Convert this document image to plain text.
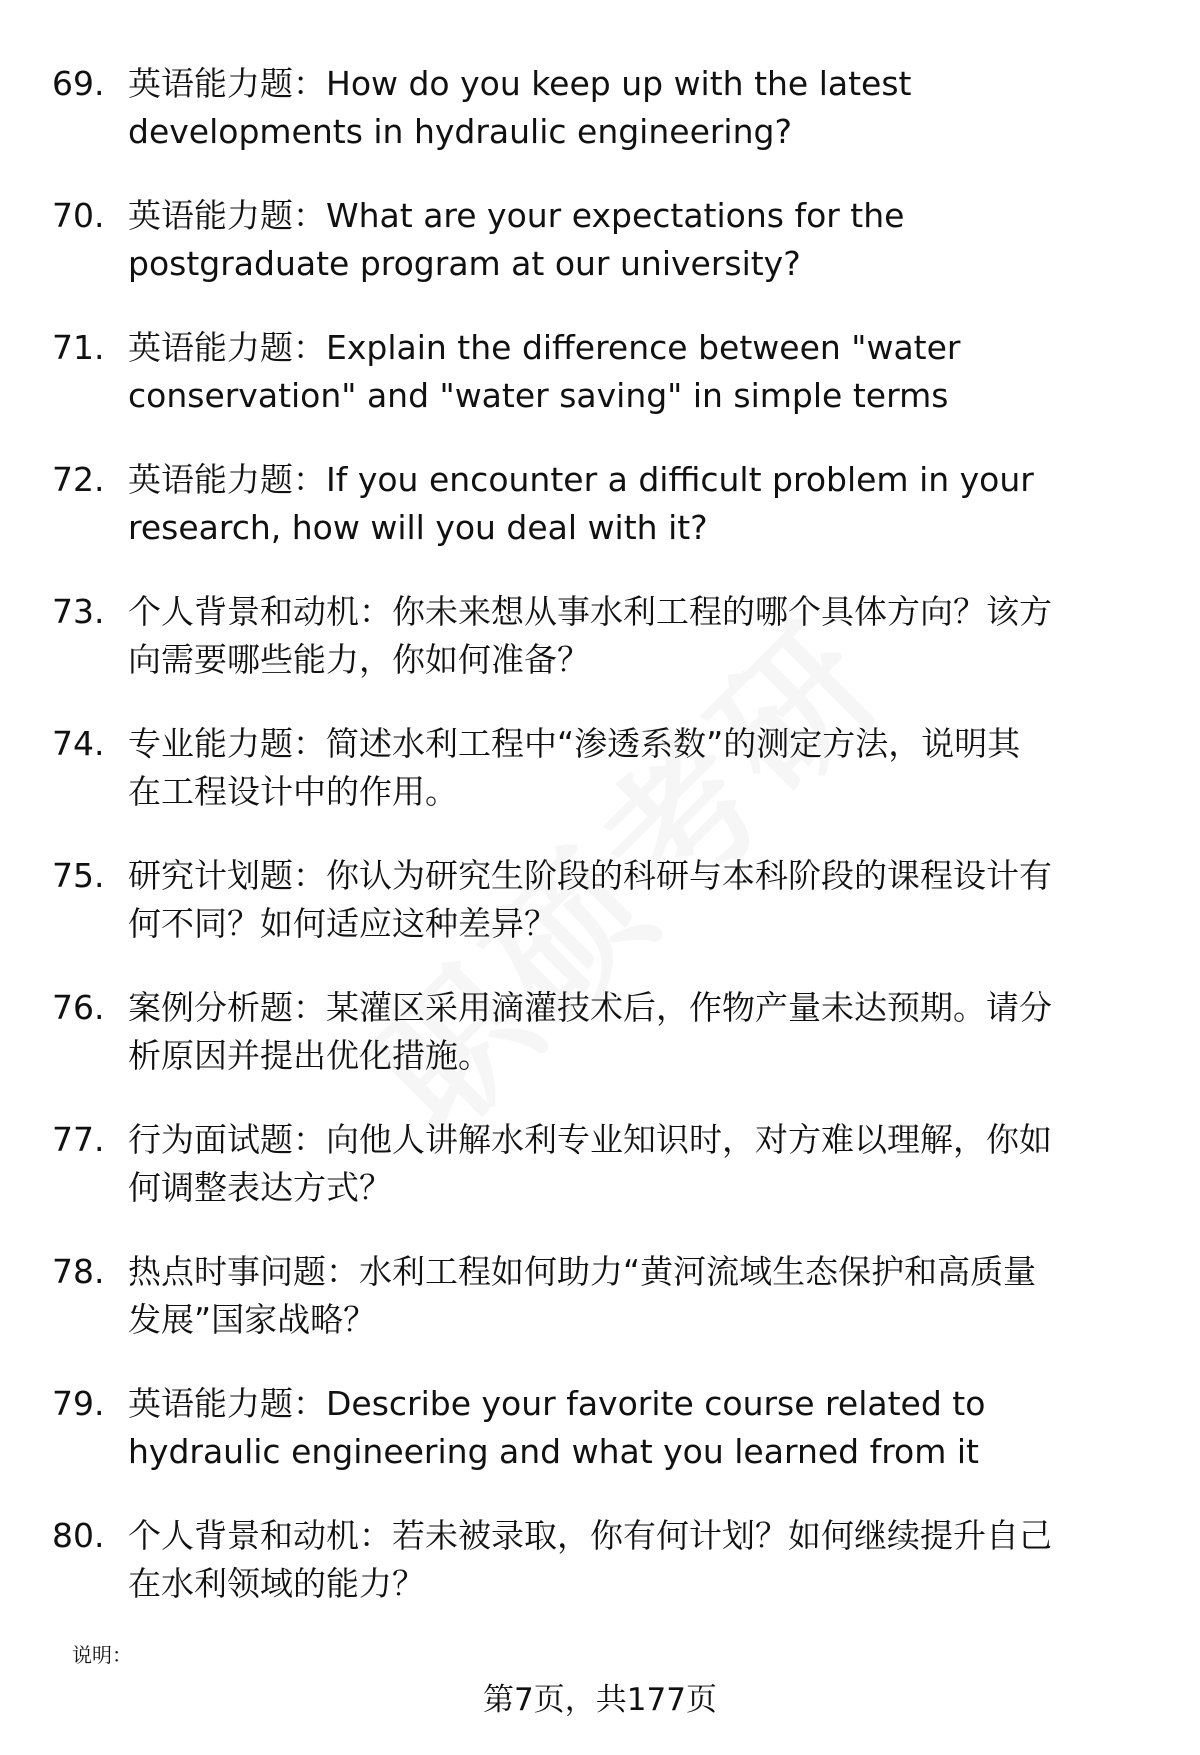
69. 英语能力题：How do you keep up with the latest
developments in hydraulic engineering?
70. 英语能力题：What are your expectations for the
postgraduate program at our university?
71. 英语能力题：Explain the difference between "water
conservation" and "water saving" in simple terms
72. 英语能力题：If you encounter a difficult problem in your
research, how will you deal with it?
73. 个人背景和动机：你未来想从事水利工程的哪个具体方向？该方
向需要哪些能力，你如何准备？
74. 专业能力题：简述水利工程中“渗透系数”的测定方法，说明其
在工程设计中的作用。
75. 研究计划题：你认为研究生阶段的科研与本科阶段的课程设计有
何不同？如何适应这种差异？
76. 案例分析题：某灌区采用滴灌技术后，作物产量未达预期。请分
析原因并提出优化措施。
77. 行为面试题：向他人讲解水利专业知识时，对方难以理解，你如
何调整表达方式？
78. 热点时事问题：水利工程如何助力“黄河流域生态保护和高质量
发展”国家战略？
79. 英语能力题：Describe your favorite course related to
hydraulic engineering and what you learned from it
80. 个人背景和动机：若未被录取，你有何计划？如何继续提升自己
在水利领域的能力？
说明：
第7页，共177页
